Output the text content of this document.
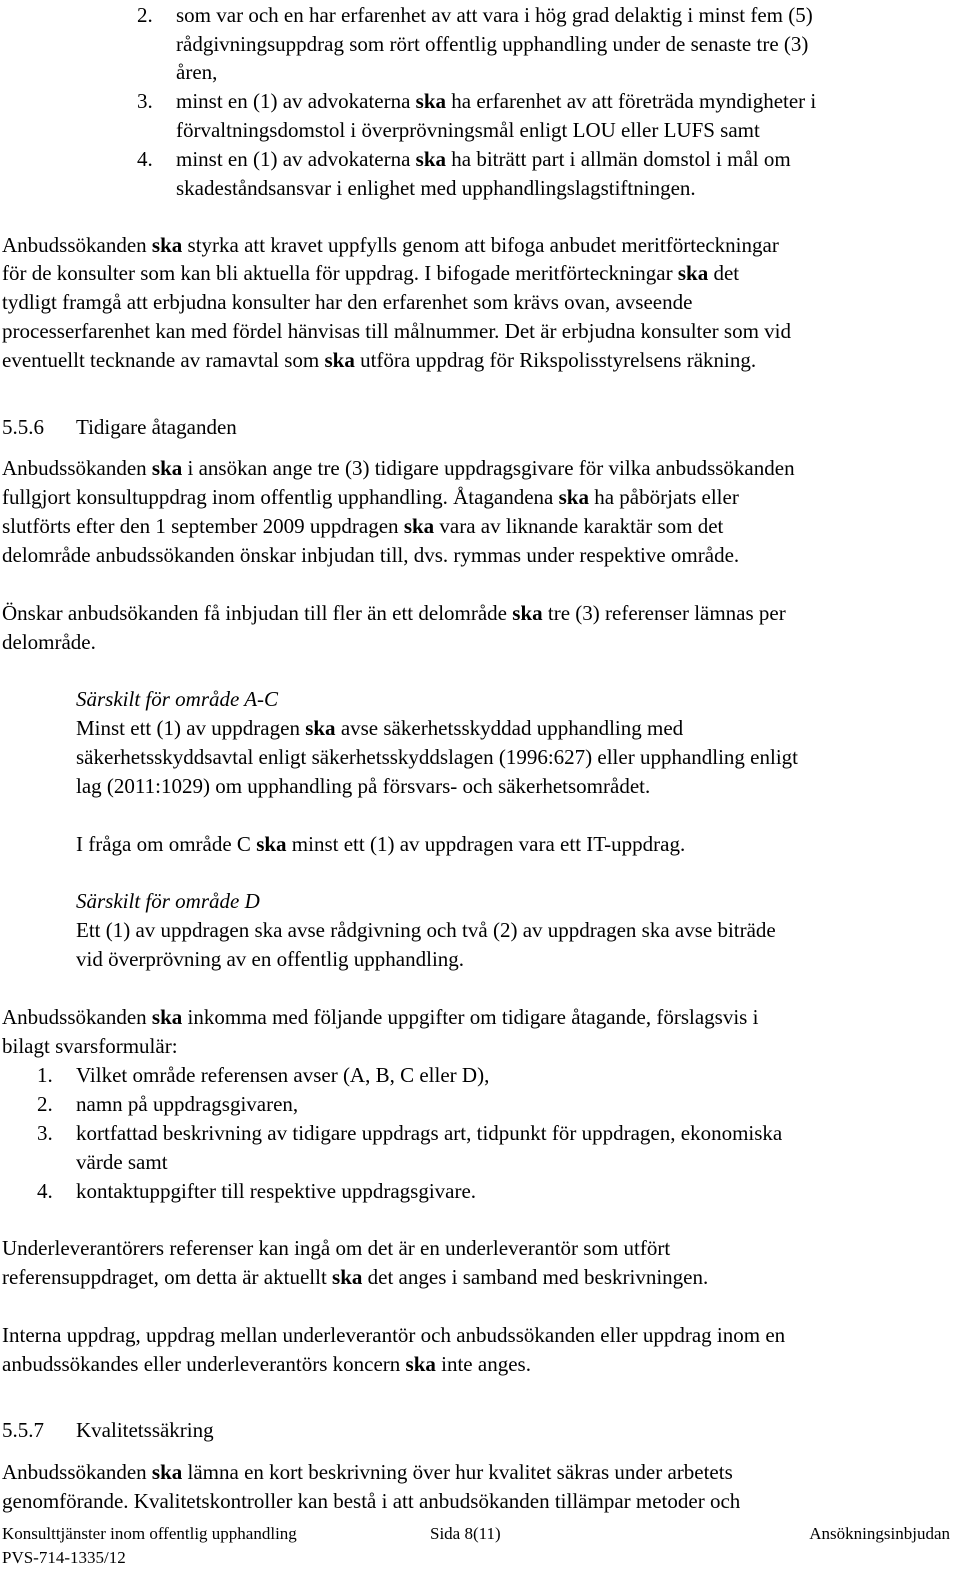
2. som var och en har erfarenhet av att vara i hög grad delaktig i minst fem (5)
rådgivningsuppdrag som rört offentlig upphandling under de senaste tre (3)
åren,
3. minst en (1) av advokaterna ska ha erfarenhet av att företräda myndigheter i
förvaltningsdomstol i överprövningsmål enligt LOU eller LUFS samt
4. minst en (1) av advokaterna ska ha biträtt part i allmän domstol i mål om
skadeståndsansvar i enlighet med upphandlingslagstiftningen.
Anbudssökanden ska styrka att kravet uppfylls genom att bifoga anbudet meritförteckningar
för de konsulter som kan bli aktuella för uppdrag. I bifogade meritförteckningar ska det
tydligt framgå att erbjudna konsulter har den erfarenhet som krävs ovan, avseende
processerfarenhet kan med fördel hänvisas till målnummer. Det är erbjudna konsulter som vid
eventuellt tecknande av ramavtal som ska utföra uppdrag för Rikspolisstyrelsens räkning.
5.5.6 Tidigare åtaganden
Anbudssökanden ska i ansökan ange tre (3) tidigare uppdragsgivare för vilka anbudssökanden
fullgjort konsultuppdrag inom offentlig upphandling. Åtagandena ska ha påbörjats eller
slutförts efter den 1 september 2009 uppdragen ska vara av liknande karaktär som det
delområde anbudssökanden önskar inbjudan till, dvs. rymmas under respektive område.
Önskar anbudsökanden få inbjudan till fler än ett delområde ska tre (3) referenser lämnas per
delområde.
Särskilt för område A-C
Minst ett (1) av uppdragen ska avse säkerhetsskyddad upphandling med
säkerhetsskyddsavtal enligt säkerhetsskyddslagen (1996:627) eller upphandling enligt
lag (2011:1029) om upphandling på försvars- och säkerhetsområdet.
I fråga om område C ska minst ett (1) av uppdragen vara ett IT-uppdrag.
Särskilt för område D
Ett (1) av uppdragen ska avse rådgivning och två (2) av uppdragen ska avse biträde
vid överprövning av en offentlig upphandling.
Anbudssökanden ska inkomma med följande uppgifter om tidigare åtagande, förslagsvis i
bilagt svarsformulär:
1. Vilket område referensen avser (A, B, C eller D),
2. namn på uppdragsgivaren,
3. kortfattad beskrivning av tidigare uppdrags art, tidpunkt för uppdragen, ekonomiska
värde samt
4. kontaktuppgifter till respektive uppdragsgivare.
Underleverantörers referenser kan ingå om det är en underleverantör som utfört
referensuppdraget, om detta är aktuellt ska det anges i samband med beskrivningen.
Interna uppdrag, uppdrag mellan underleverantör och anbudssökanden eller uppdrag inom en
anbudssökandes eller underleverantörs koncern ska inte anges.
5.5.7 Kvalitetssäkring
Anbudssökanden ska lämna en kort beskrivning över hur kvalitet säkras under arbetets
genomförande. Kvalitetskontroller kan bestå i att anbudsökanden tillämpar metoder och
Konsulttjänster inom offentlig upphandling	Sida 8(11)	Ansökningsinbjudan
PVS-714-1335/12
